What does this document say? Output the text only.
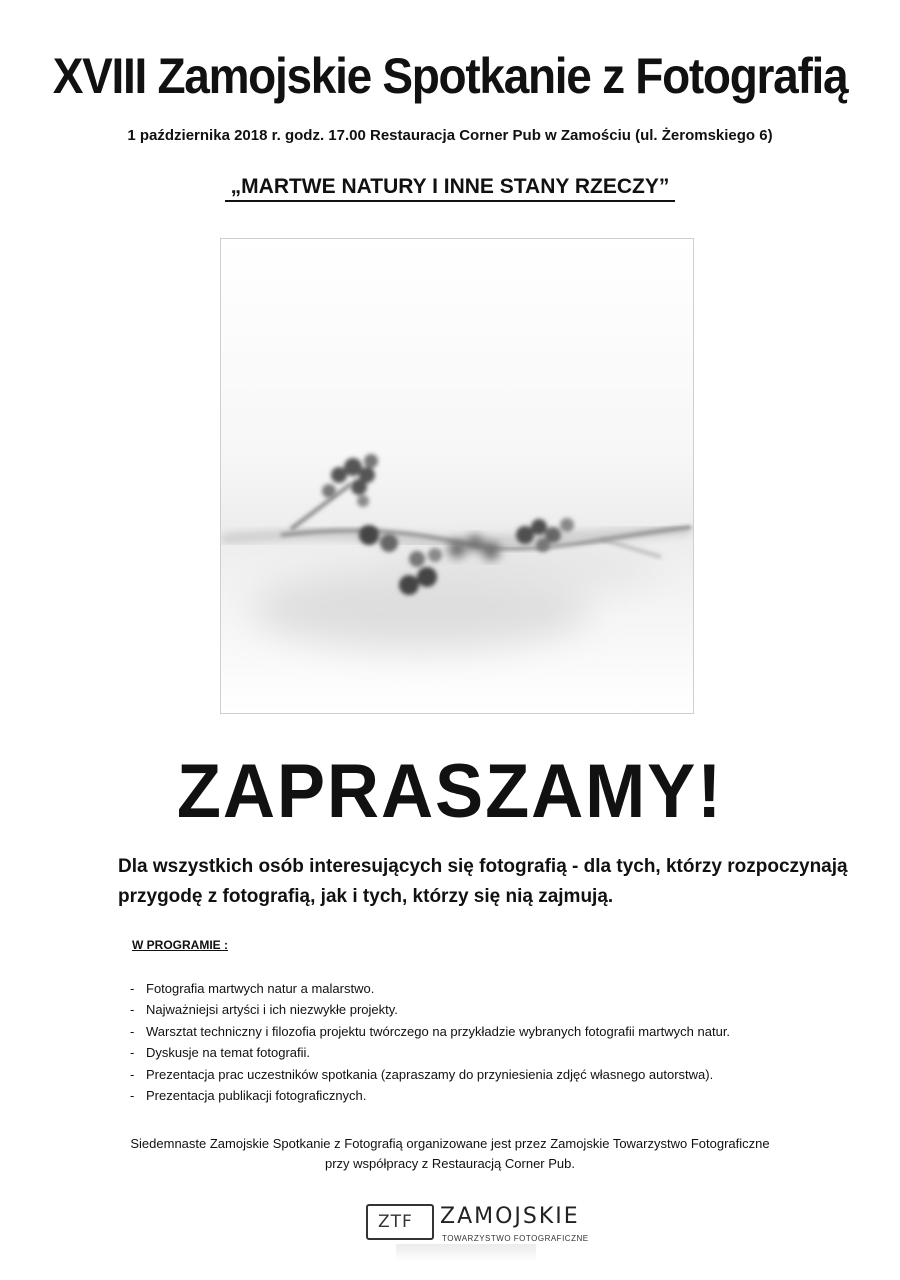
XVIII Zamojskie Spotkanie z Fotografią
1 października 2018 r. godz. 17.00 Restauracja Corner Pub w Zamościu (ul. Żeromskiego 6)
„MARTWE NATURY I INNE STANY RZECZY”
ZAPRASZAMY!
Dla wszystkich osób interesujących się fotografią - dla tych, którzy rozpoczynają
przygodę z fotografią, jak i tych, którzy się nią zajmują.
W PROGRAMIE :
- Fotografia martwych natur a malarstwo.
- Najważniejsi artyści i ich niezwykłe projekty.
- Warsztat techniczny i filozofia projektu twórczego na przykładzie wybranych fotografii martwych natur.
- Dyskusje na temat fotografii.
- Prezentacja prac uczestników spotkania (zapraszamy do przyniesienia zdjęć własnego autorstwa).
- Prezentacja publikacji fotograficznych.
Siedemnaste Zamojskie Spotkanie z Fotografią organizowane jest przez Zamojskie Towarzystwo Fotograficzne
przy współpracy z Restauracją Corner Pub.
ZTF ZAMOJSKIE
TOWARZYSTWO FOTOGRAFICZNE
